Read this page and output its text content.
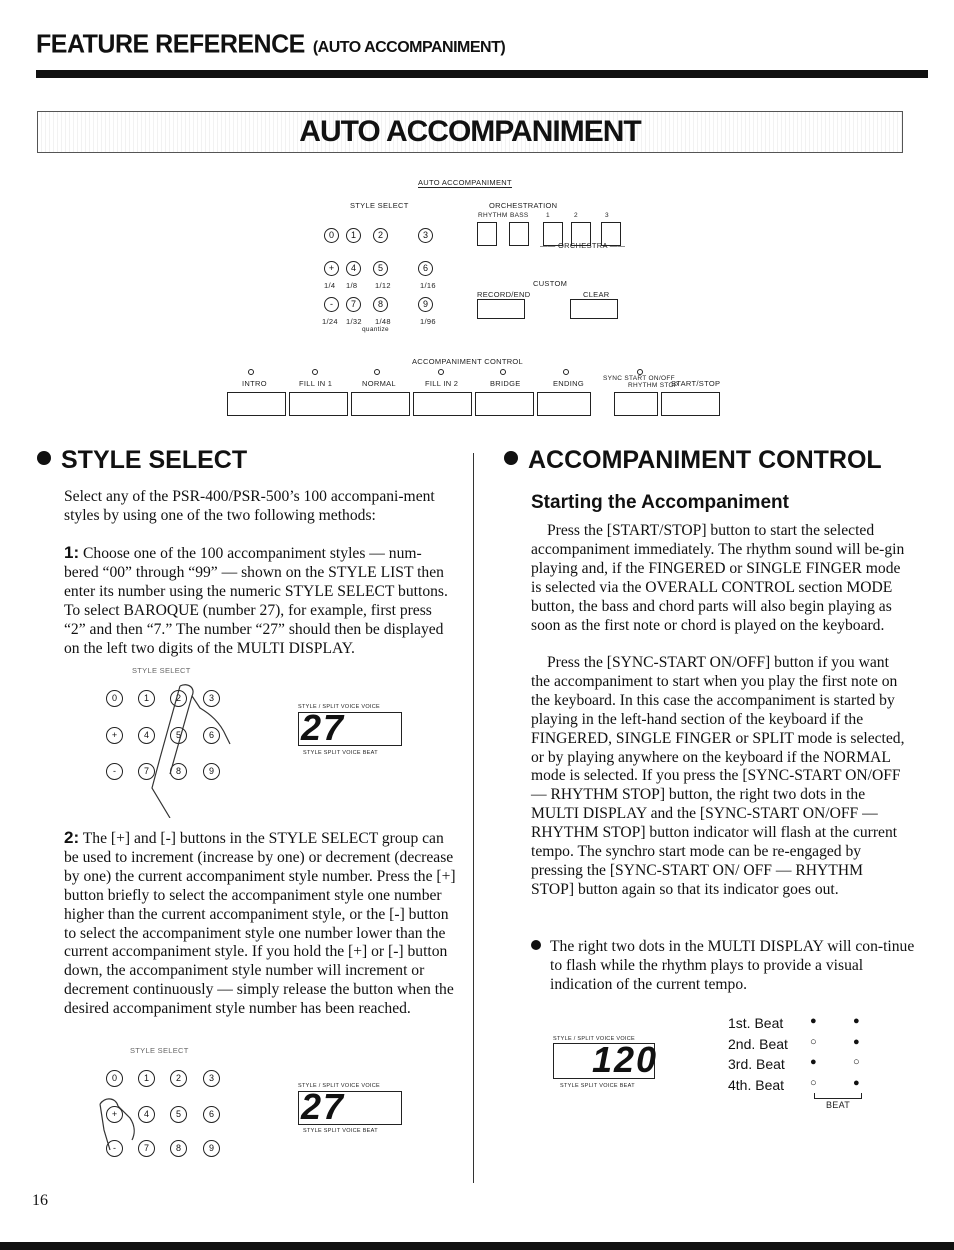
FEATURE REFERENCE (AUTO ACCOMPANIMENT)
AUTO ACCOMPANIMENT
AUTO ACCOMPANIMENT
STYLE SELECT
0	1	2	3
+	4	5	6
1/4 1/8 1/12	1/16
-	7	8	9
1/24 1/32 1/48	1/96
quantize
ORCHESTRATION
RHYTHM BASS	1	2	3
—— ORCHESTRA ——
CUSTOM
RECORD/END	CLEAR
ACCOMPANIMENT CONTROL
INTRO	FILL IN 1	NORMAL	FILL IN 2	BRIDGE	ENDING
SYNC START ON/OFF
RHYTHM STOP
START/STOP
STYLE SELECT
Select any of the PSR-400/PSR-500’s 100 accompani-ment styles by using one of the two following methods:
1: Choose one of the 100 accompaniment styles — num-bered “00” through “99” — shown on the STYLE LIST then enter its number using the numeric STYLE SELECT buttons. To select BAROQUE (number 27), for example, first press “2” and then “7.” The number “27” should then be displayed on the left two digits of the MULTI DISPLAY.
STYLE SELECT
0	1	2	3
+	4	5	6
-	7	8	9
27
STYLE / SPLIT VOICE VOICE
STYLE SPLIT VOICE BEAT
2: The [+] and [-] buttons in the STYLE SELECT group can be used to increment (increase by one) or decrement (decrease by one) the current accompaniment style number. Press the [+] button briefly to select the accompaniment style one number higher than the current accompaniment style, or the [-] button to select the accompaniment style one number lower than the current accompaniment style. If you hold the [+] or [-] button down, the accompaniment style number will increment or decrement continuously — simply release the button when the desired accompaniment style number has been reached.
STYLE SELECT
0	1	2	3
+	4	5	6
-	7	8	9
27
STYLE / SPLIT VOICE VOICE
STYLE SPLIT VOICE BEAT
ACCOMPANIMENT CONTROL
Starting the Accompaniment
Press the [START/STOP] button to start the selected accompaniment immediately. The rhythm sound will be-gin playing and, if the FINGERED or SINGLE FINGER mode is selected via the OVERALL CONTROL section MODE button, the bass and chord parts will also begin playing as soon as the first note or chord is played on the keyboard.
Press the [SYNC-START ON/OFF] button if you want the accompaniment to start when you play the first note on the keyboard. In this case the accompaniment is started by playing in the left-hand section of the keyboard if the FINGERED, SINGLE FINGER or SPLIT mode is selected, or by playing anywhere on the keyboard if the NORMAL mode is selected. If you press the [SYNC-START ON/OFF — RHYTHM STOP] button, the right two dots in the MULTI DISPLAY and the [SYNC-START ON/OFF — RHYTHM STOP] button indicator will flash at the current tempo. The synchro start mode can be re-engaged by pressing the [SYNC-START ON/ OFF — RHYTHM STOP] button again so that its indicator goes out.
The right two dots in the MULTI DISPLAY will con-tinue to flash while the rhythm plays to provide a visual indication of the current tempo.
120
STYLE / SPLIT VOICE VOICE
STYLE SPLIT VOICE BEAT
1st. Beat ●	●
2nd. Beat ○	●
3rd. Beat ●	○
4th. Beat ○	●
BEAT
16
